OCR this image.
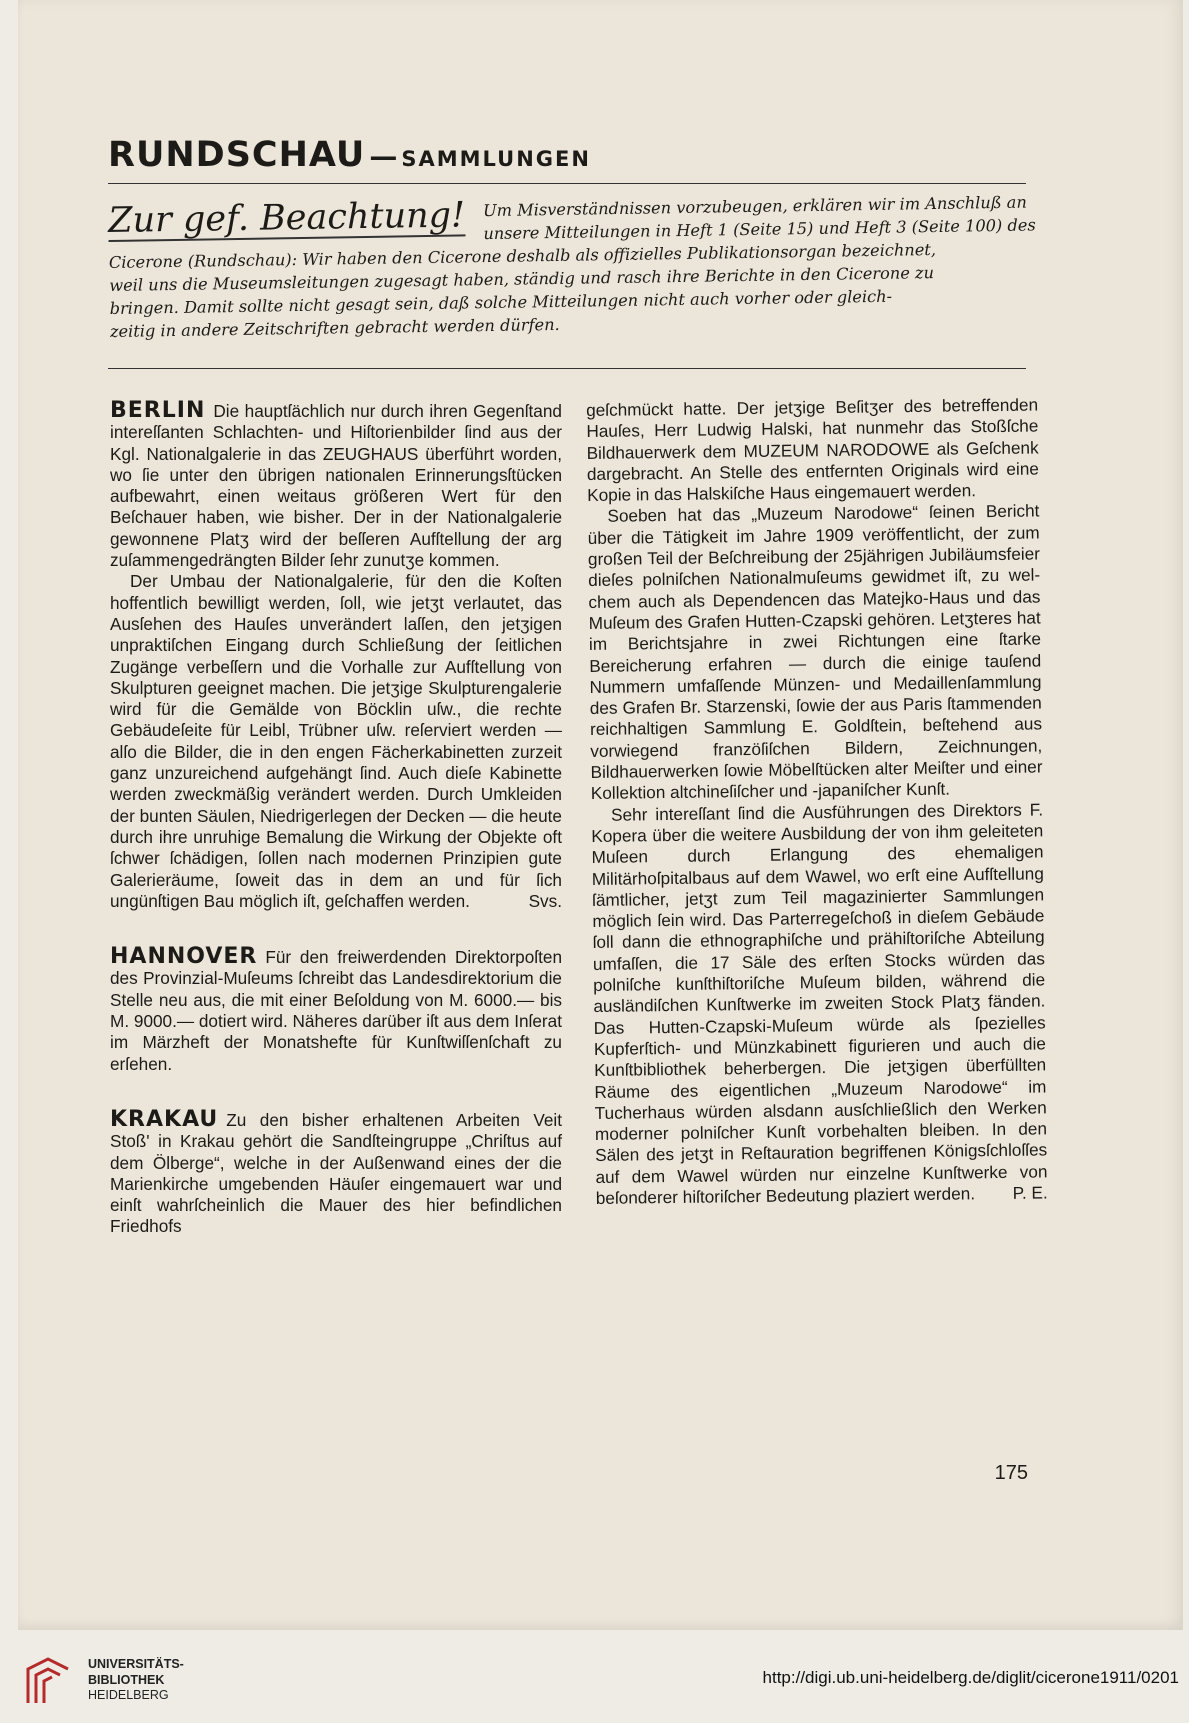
RUNDSCHAU — SAMMLUNGEN
Zur gef. Beachtung!	Um Misverständnissen vorzubeugen, erklären wir im Anschluß an
unsere Mitteilungen in Heft 1 (Seite 15) und Heft 3 (Seite 100) des
Cicerone (Rundschau): Wir haben den Cicerone deshalb als offizielles Publikationsorgan bezeichnet,
weil uns die Museumsleitungen zugesagt haben, ständig und rasch ihre Berichte in den Cicerone zu
bringen. Damit sollte nicht gesagt sein, daß solche Mitteilungen nicht auch vorher oder gleich-
zeitig in andere Zeitschriften gebracht werden dürfen.

BERLIN Die hauptſächlich nur durch ihren Gegenſtand intereſſanten Schlachten- und Hiſtorienbilder ſind aus der Kgl. Nationalgalerie in das ZEUGHAUS überführt worden, wo ſie unter den übrigen nationalen Erinnerungsſtücken aufbewahrt, einen weitaus größeren Wert für den Beſchauer haben, wie bisher. Der in der Nationalgalerie gewonnene Platʒ wird der beſſeren Aufſtellung der arg zuſammengedrängten Bilder ſehr zunutʒe kommen.

Der Umbau der Nationalgalerie, für den die Koſten hoffentlich bewilligt werden, ſoll, wie jetʒt verlautet, das Ausſehen des Hauſes unverändert laſſen, den jetʒigen unpraktiſchen Eingang durch Schließung der ſeitlichen Zugänge verbeſſern und die Vorhalle zur Aufſtellung von Skulpturen geeignet machen. Die jetʒige Skulpturengalerie wird für die Gemälde von Böcklin uſw., die rechte Gebäudeſeite für Leibl, Trübner uſw. reſerviert werden — alſo die Bilder, die in den engen Fächerkabinetten zurzeit ganz unzureichend aufgehängt ſind. Auch dieſe Kabinette werden zweckmäßig verändert werden. Durch Umkleiden der bunten Säulen, Niedrigerlegen der Decken — die heute durch ihre unruhige Bemalung die Wirkung der Objekte oft ſchwer ſchädigen, ſollen nach modernen Prinzipien gute Galerieräume, ſoweit das in dem an und für ſich ungünſtigen Bau möglich iſt, geſchaffen werden.	Svs.

HANNOVER Für den freiwerdenden Direktorpoſten des Provinzial-Muſeums ſchreibt das Landesdirektorium die Stelle neu aus, die mit einer Beſoldung von M. 6000.— bis M. 9000.— dotiert wird. Näheres darüber iſt aus dem Inſerat im Märzheft der Monatshefte für Kunſtwiſſenſchaft zu erſehen.

KRAKAU Zu den bisher erhaltenen Arbeiten Veit Stoß' in Krakau gehört die Sandſteingruppe „Chriſtus auf dem Ölberge“, welche in der Außenwand eines der die Marienkirche umgebenden Häuſer eingemauert war und einſt wahrſcheinlich die Mauer des hier befindlichen Friedhofs

geſchmückt hatte. Der jetʒige Beſitʒer des betreffenden Hauſes, Herr Ludwig Halski, hat nunmehr das Stoßſche Bildhauerwerk dem MUZEUM NARODOWE als Geſchenk dargebracht. An Stelle des entfernten Originals wird eine Kopie in das Halskiſche Haus eingemauert werden.

Soeben hat das „Muzeum Narodowe“ ſeinen Bericht über die Tätigkeit im Jahre 1909 veröffentlicht, der zum großen Teil der Beſchreibung der 25jährigen Jubiläumsfeier dieſes polniſchen Nationalmuſeums gewidmet iſt, zu welchem auch als Dependencen das Matejko-Haus und das Muſeum des Grafen Hutten-Czapski gehören. Letʒteres hat im Berichtsjahre in zwei Richtungen eine ſtarke Bereicherung erfahren — durch die einige tauſend Nummern umfaſſende Münzen- und Medaillenſammlung des Grafen Br. Starzenski, ſowie der aus Paris ſtammenden reichhaltigen Sammlung E. Goldſtein, beſtehend aus vorwiegend franzöſiſchen Bildern, Zeichnungen, Bildhauerwerken ſowie Möbelſtücken alter Meiſter und einer Kollektion altchineſiſcher und -japaniſcher Kunſt.

Sehr intereſſant ſind die Ausführungen des Direktors F. Kopera über die weitere Ausbildung der von ihm geleiteten Muſeen durch Erlangung des ehemaligen Militärhoſpitalbaus auf dem Wawel, wo erſt eine Aufſtellung ſämtlicher, jetʒt zum Teil magazinierter Sammlungen möglich ſein wird. Das Parterregeſchoß in dieſem Gebäude ſoll dann die ethnographiſche und prähiſtoriſche Abteilung umfaſſen, die 17 Säle des erſten Stocks würden das polniſche kunſthiſtoriſche Muſeum bilden, während die ausländiſchen Kunſtwerke im zweiten Stock Platʒ fänden. Das Hutten-Czapski-Muſeum würde als ſpezielles Kupferſtich- und Münzkabinett figurieren und auch die Kunſtbibliothek beherbergen. Die jetʒigen überfüllten Räume des eigentlichen „Muzeum Narodowe“ im Tucherhaus würden alsdann ausſchließlich den Werken moderner polniſcher Kunſt vorbehalten bleiben. In den Sälen des jetʒt in Reſtauration begriffenen Königsſchloſſes auf dem Wawel würden nur einzelne Kunſtwerke von beſonderer hiſtoriſcher Bedeutung plaziert werden.	P. E.

175
UNIVERSITÄTS-
BIBLIOTHEK
HEIDELBERG
http://digi.ub.uni-heidelberg.de/diglit/cicerone1911/0201
